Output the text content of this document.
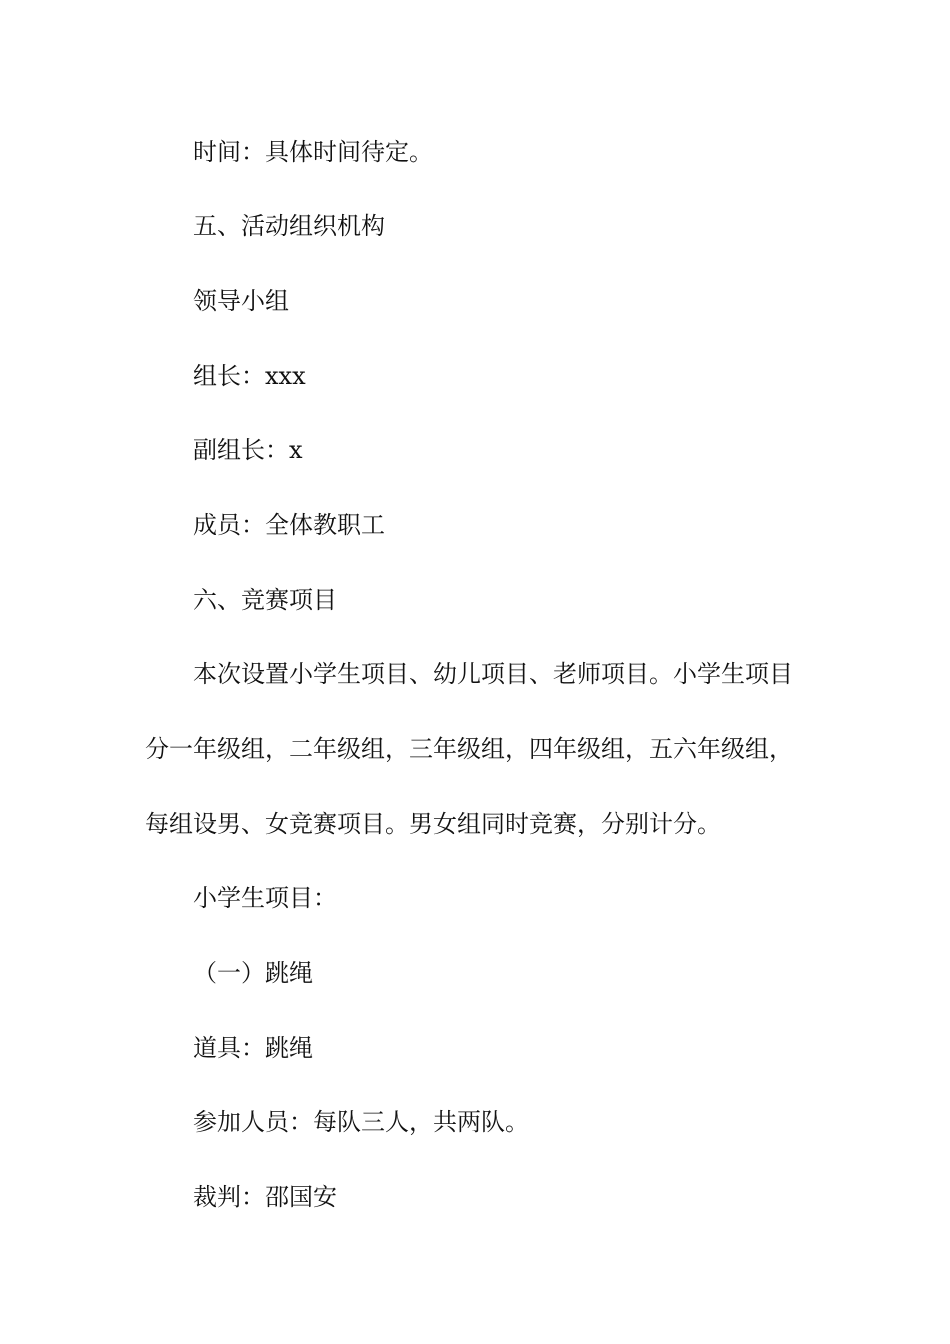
时间：具体时间待定。
五、活动组织机构
领导小组
组长：xxx
副组长：x
成员：全体教职工
六、竞赛项目
本次设置小学生项目、幼儿项目、老师项目。小学生项目
分一年级组，二年级组，三年级组，四年级组，五六年级组，
每组设男、女竞赛项目。男女组同时竞赛，分别计分。
小学生项目：
（一）跳绳
道具：跳绳
参加人员：每队三人，共两队。
裁判：邵国安
